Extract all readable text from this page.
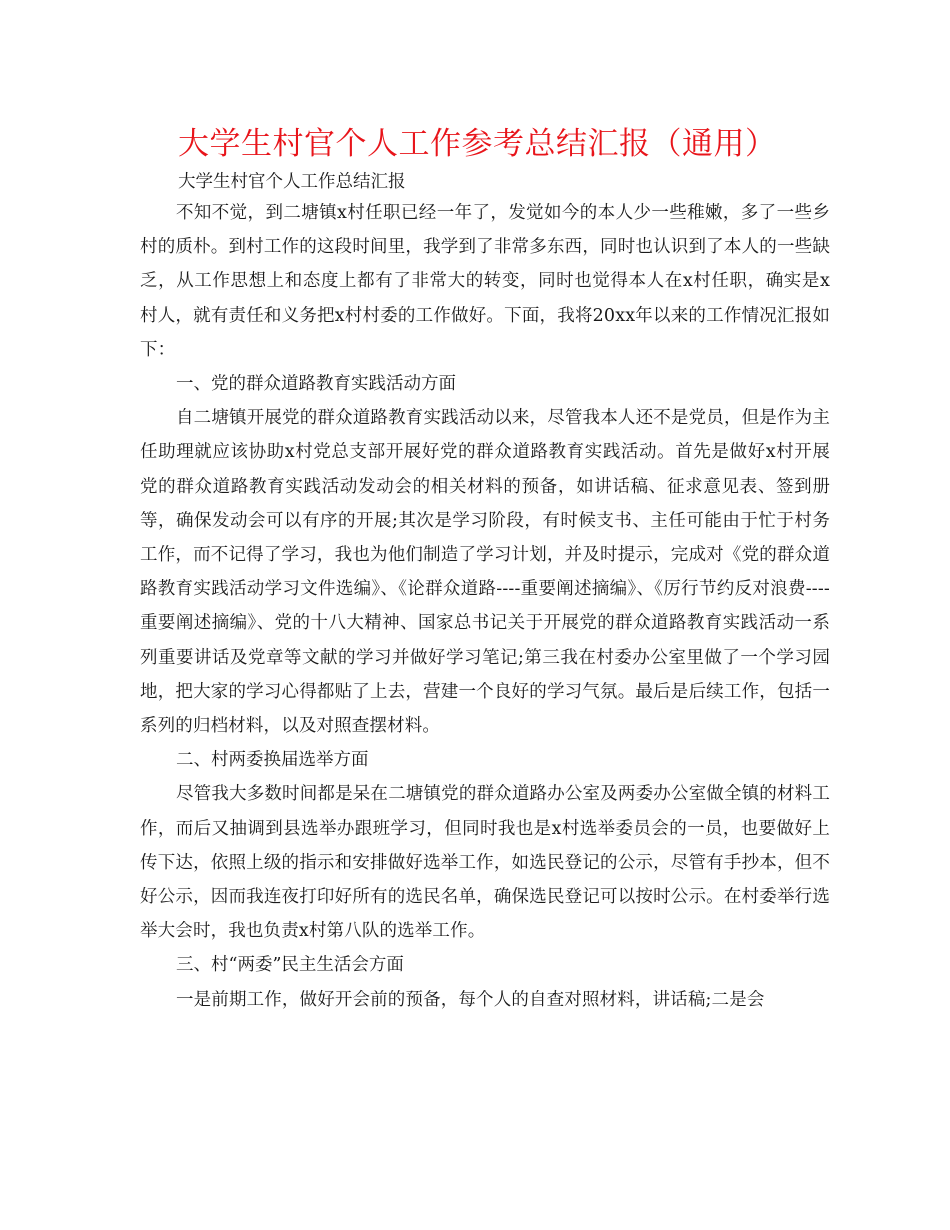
大学生村官个人工作参考总结汇报（通用）
大学生村官个人工作总结汇报

不知不觉，到二塘镇x村任职已经一年了，发觉如今的本人少一些稚嫩，多了一些乡村的质朴。到村工作的这段时间里，我学到了非常多东西，同时也认识到了本人的一些缺乏，从工作思想上和态度上都有了非常大的转变，同时也觉得本人在x村任职，确实是x村人，就有责任和义务把x村村委的工作做好。下面，我将20xx年以来的工作情况汇报如下：

一、党的群众道路教育实践活动方面

自二塘镇开展党的群众道路教育实践活动以来，尽管我本人还不是党员，但是作为主任助理就应该协助x村党总支部开展好党的群众道路教育实践活动。首先是做好x村开展党的群众道路教育实践活动发动会的相关材料的预备，如讲话稿、征求意见表、签到册等，确保发动会可以有序的开展;其次是学习阶段，有时候支书、主任可能由于忙于村务工作，而不记得了学习，我也为他们制造了学习计划，并及时提示，完成对《党的群众道路教育实践活动学习文件选编》、《论群众道路----重要阐述摘编》、《厉行节约反对浪费----重要阐述摘编》、党的十八大精神、国家总书记关于开展党的群众道路教育实践活动一系列重要讲话及党章等文献的学习并做好学习笔记;第三我在村委办公室里做了一个学习园地，把大家的学习心得都贴了上去，营建一个良好的学习气氛。最后是后续工作，包括一系列的归档材料，以及对照查摆材料。

二、村两委换届选举方面

尽管我大多数时间都是呆在二塘镇党的群众道路办公室及两委办公室做全镇的材料工作，而后又抽调到县选举办跟班学习，但同时我也是x村选举委员会的一员，也要做好上传下达，依照上级的指示和安排做好选举工作，如选民登记的公示，尽管有手抄本，但不好公示，因而我连夜打印好所有的选民名单，确保选民登记可以按时公示。在村委举行选举大会时，我也负责x村第八队的选举工作。

三、村“两委”民主生活会方面

一是前期工作，做好开会前的预备，每个人的自查对照材料，讲话稿;二是会
